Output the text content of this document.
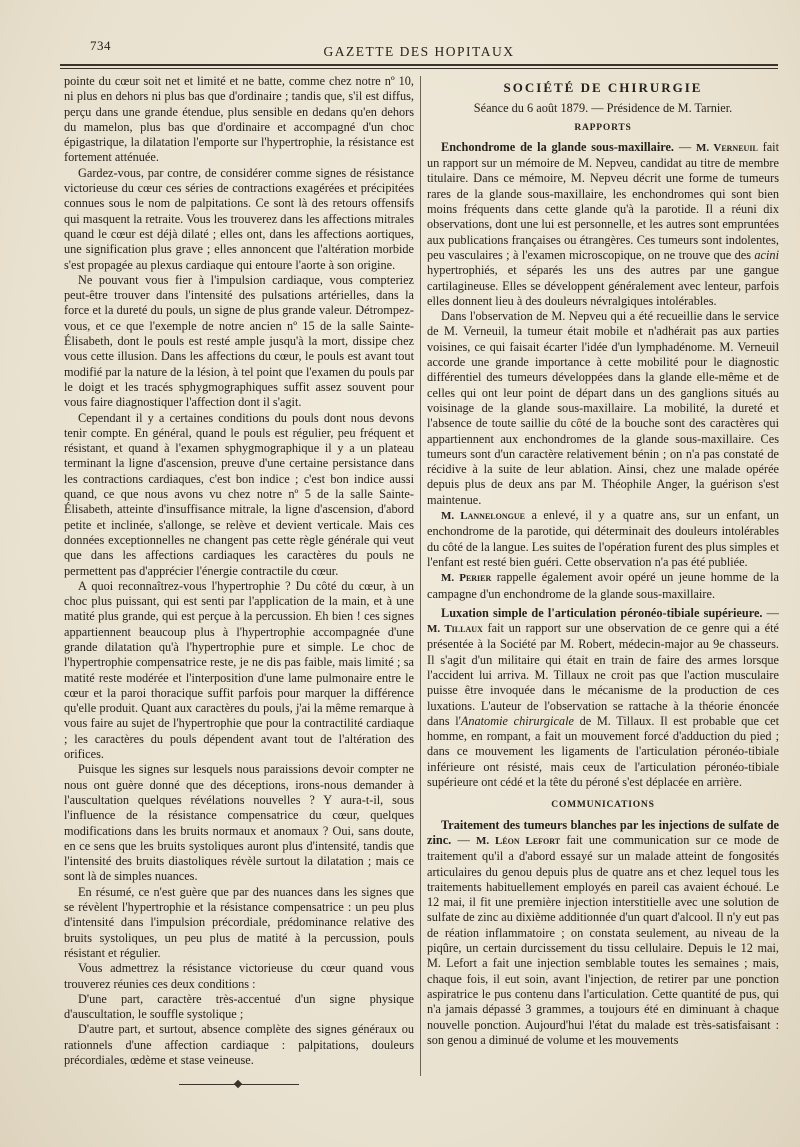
734	GAZETTE DES HOPITAUX

pointe du cœur soit net et limité et ne batte, comme chez notre nº 10, ni plus en dehors ni plus bas que d'ordinaire ; tandis que, s'il est diffus, perçu dans une grande étendue, plus sensible en dedans qu'en dehors du mamelon, plus bas que d'ordinaire et accompagné d'un choc épigastrique, la dilatation l'emporte sur l'hypertrophie, la résistance est fortement atténuée.

Gardez-vous, par contre, de considérer comme signes de résistance victorieuse du cœur ces séries de contractions exagérées et précipitées connues sous le nom de palpitations. Ce sont là des retours offensifs qui masquent la retraite. Vous les trouverez dans les affections mitrales quand le cœur est déjà dilaté ; elles ont, dans les affections aortiques, une signification plus grave ; elles annoncent que l'altération morbide s'est propagée au plexus cardiaque qui entoure l'aorte à son origine.

Ne pouvant vous fier à l'impulsion cardiaque, vous compteriez peut-être trouver dans l'intensité des pulsations artérielles, dans la force et la dureté du pouls, un signe de plus grande valeur. Détrompez-vous, et ce que l'exemple de notre ancien nº 15 de la salle Sainte-Élisabeth, dont le pouls est resté ample jusqu'à la mort, dissipe chez vous cette illusion. Dans les affections du cœur, le pouls est avant tout modifié par la nature de la lésion, à tel point que l'examen du pouls par le doigt et les tracés sphygmographiques suffit assez souvent pour vous faire diagnostiquer l'affection dont il s'agit.

Cependant il y a certaines conditions du pouls dont nous devons tenir compte. En général, quand le pouls est régulier, peu fréquent et résistant, et quand à l'examen sphygmographique il y a un plateau terminant la ligne d'ascension, preuve d'une certaine persistance dans les contractions cardiaques, c'est bon indice ; c'est bon indice aussi quand, ce que nous avons vu chez notre nº 5 de la salle Sainte-Élisabeth, atteinte d'insuffisance mitrale, la ligne d'ascension, d'abord petite et inclinée, s'allonge, se relève et devient verticale. Mais ces données exceptionnelles ne changent pas cette règle générale qui veut que dans les affections cardiaques les caractères du pouls ne permettent pas d'apprécier l'énergie contractile du cœur.

A quoi reconnaîtrez-vous l'hypertrophie ? Du côté du cœur, à un choc plus puissant, qui est senti par l'application de la main, et à une matité plus grande, qui est perçue à la percussion. Eh bien ! ces signes appartiennent beaucoup plus à l'hypertrophie accompagnée d'une grande dilatation qu'à l'hypertrophie pure et simple. Le choc de l'hypertrophie compensatrice reste, je ne dis pas faible, mais limité ; sa matité reste modérée et l'interposition d'une lame pulmonaire entre le cœur et la paroi thoracique suffit parfois pour marquer la différence qu'elle produit. Quant aux caractères du pouls, j'ai la même remarque à vous faire au sujet de l'hypertrophie que pour la contractilité cardiaque ; les caractères du pouls dépendent avant tout de l'altération des orifices.

Puisque les signes sur lesquels nous paraissions devoir compter ne nous ont guère donné que des déceptions, irons-nous demander à l'auscultation quelques révélations nouvelles ? Y aura-t-il, sous l'influence de la résistance compensatrice du cœur, quelques modifications dans les bruits normaux et anomaux ? Oui, sans doute, en ce sens que les bruits systoliques auront plus d'intensité, tandis que l'intensité des bruits diastoliques révèle surtout la dilatation ; mais ce sont là de simples nuances.

En résumé, ce n'est guère que par des nuances dans les signes que se révèlent l'hypertrophie et la résistance compensatrice : un peu plus d'intensité dans l'impulsion précordiale, prédominance relative des bruits systoliques, un peu plus de matité à la percussion, pouls résistant et régulier.

Vous admettrez la résistance victorieuse du cœur quand vous trouverez réunies ces deux conditions :

D'une part, caractère très-accentué d'un signe physique d'auscultation, le souffle systolique ;

D'autre part, et surtout, absence complète des signes généraux ou rationnels d'une affection cardiaque : palpitations, douleurs précordiales, œdème et stase veineuse.

SOCIÉTÉ DE CHIRURGIE
Séance du 6 août 1879. — Présidence de M. Tarnier.
RAPPORTS

Enchondrome de la glande sous-maxillaire. — M. Verneuil fait un rapport sur un mémoire de M. Nepveu, candidat au titre de membre titulaire. Dans ce mémoire, M. Nepveu décrit une forme de tumeurs rares de la glande sous-maxillaire, les enchondromes qui sont bien moins fréquents dans cette glande qu'à la parotide. Il a réuni dix observations, dont une lui est personnelle, et les autres sont empruntées aux publications françaises ou étrangères. Ces tumeurs sont indolentes, peu vasculaires ; à l'examen microscopique, on ne trouve que des acini hypertrophiés, et séparés les uns des autres par une gangue cartilagineuse. Elles se développent généralement avec lenteur, parfois elles donnent lieu à des douleurs névralgiques intolérables.

Dans l'observation de M. Nepveu qui a été recueillie dans le service de M. Verneuil, la tumeur était mobile et n'adhérait pas aux parties voisines, ce qui faisait écarter l'idée d'un lymphadénome. M. Verneuil accorde une grande importance à cette mobilité pour le diagnostic différentiel des tumeurs développées dans la glande elle-même et de celles qui ont leur point de départ dans un des ganglions situés au voisinage de la glande sous-maxillaire. La mobilité, la dureté et l'absence de toute saillie du côté de la bouche sont des caractères qui appartiennent aux enchondromes de la glande sous-maxillaire. Ces tumeurs sont d'un caractère relativement bénin ; on n'a pas constaté de récidive à la suite de leur ablation. Ainsi, chez une malade opérée depuis plus de deux ans par M. Théophile Anger, la guérison s'est maintenue.

M. Lannelongue a enlevé, il y a quatre ans, sur un enfant, un enchondrome de la parotide, qui déterminait des douleurs intolérables du côté de la langue. Les suites de l'opération furent des plus simples et l'enfant est resté bien guéri. Cette observation n'a pas été publiée.

M. Perier rappelle également avoir opéré un jeune homme de la campagne d'un enchondrome de la glande sous-maxillaire.

Luxation simple de l'articulation péronéo-tibiale supérieure. — M. Tillaux fait un rapport sur une observation de ce genre qui a été présentée à la Société par M. Robert, médecin-major au 9e chasseurs. Il s'agit d'un militaire qui était en train de faire des armes lorsque l'accident lui arriva. M. Tillaux ne croit pas que l'action musculaire puisse être invoquée dans le mécanisme de la production de ces luxations. L'auteur de l'observation se rattache à la théorie énoncée dans l'Anatomie chirurgicale de M. Tillaux. Il est probable que cet homme, en rompant, a fait un mouvement forcé d'adduction du pied ; dans ce mouvement les ligaments de l'articulation péronéo-tibiale inférieure ont résisté, mais ceux de l'articulation péronéo-tibiale supérieure ont cédé et la tête du péroné s'est déplacée en arrière.

COMMUNICATIONS

Traitement des tumeurs blanches par les injections de sulfate de zinc. — M. Léon Lefort fait une communication sur ce mode de traitement qu'il a d'abord essayé sur un malade atteint de fongosités articulaires du genou depuis plus de quatre ans et chez lequel tous les traitements habituellement employés en pareil cas avaient échoué. Le 12 mai, il fit une première injection interstitielle avec une solution de sulfate de zinc au dixième additionnée d'un quart d'alcool. Il n'y eut pas de réation inflammatoire ; on constata seulement, au niveau de la piqûre, un certain durcissement du tissu cellulaire. Depuis le 12 mai, M. Lefort a fait une injection semblable toutes les semaines ; mais, chaque fois, il eut soin, avant l'injection, de retirer par une ponction aspiratrice le pus contenu dans l'articulation. Cette quantité de pus, qui n'a jamais dépassé 3 grammes, a toujours été en diminuant à chaque nouvelle ponction. Aujourd'hui l'état du malade est très-satisfaisant : son genou a diminué de volume et les mouvements
